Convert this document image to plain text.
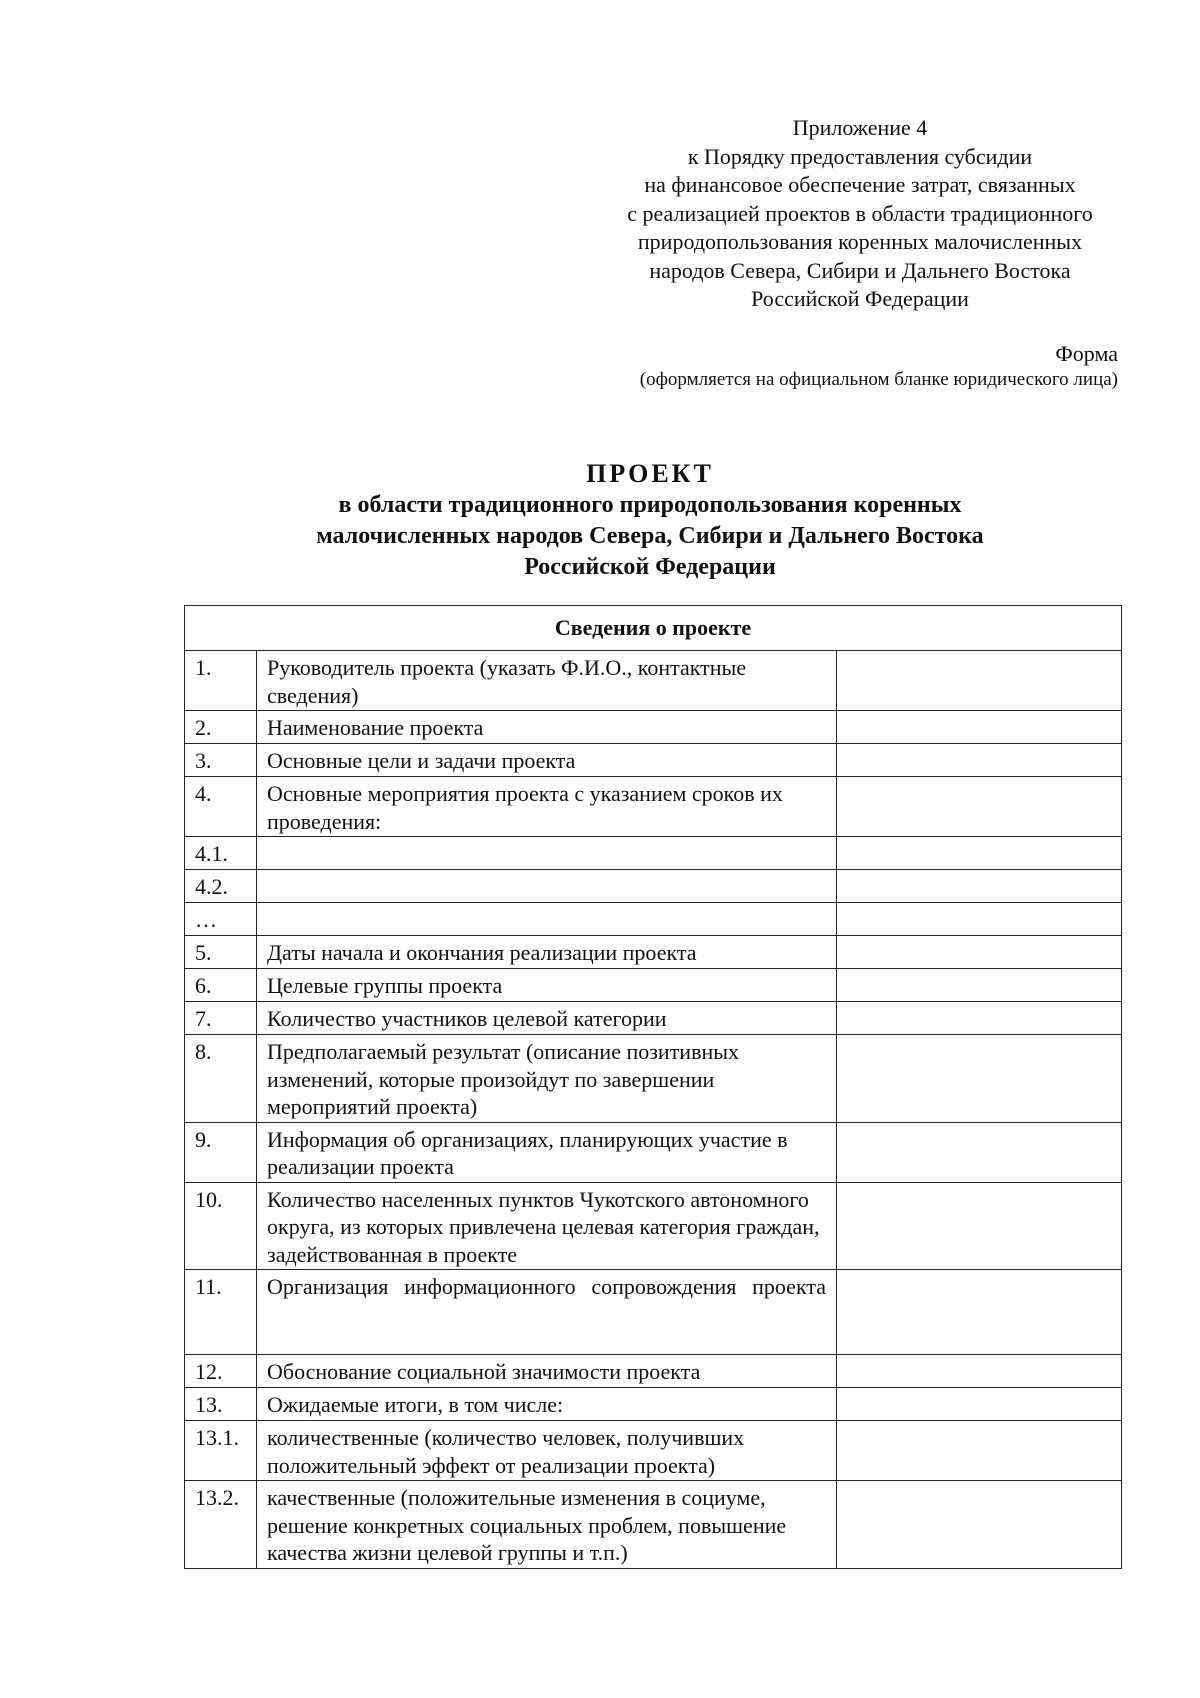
Приложение 4
к Порядку предоставления субсидии
на финансовое обеспечение затрат, связанных
с реализацией проектов в области традиционного
природопользования коренных малочисленных
народов Севера, Сибири и Дальнего Востока
Российской Федерации
Форма
(оформляется на официальном бланке юридического лица)
ПРОЕКТ
в области традиционного природопользования коренных
малочисленных народов Севера, Сибири и Дальнего Востока
Российской Федерации
Сведения о проекте		
1.	Руководитель проекта (указать Ф.И.О., контактные сведения)	
2.	Наименование проекта	
3.	Основные цели и задачи проекта	
4.	Основные мероприятия проекта с указанием сроков их проведения:	
4.1.		
4.2.		
…		
5.	Даты начала и окончания реализации проекта	
6.	Целевые группы проекта	
7.	Количество участников целевой категории	
8.	Предполагаемый результат (описание позитивных изменений, которые произойдут по завершении мероприятий проекта)	
9.	Информация об организациях, планирующих участие в реализации проекта	
10.	Количество населенных пунктов Чукотского автономного округа, из которых привлечена целевая категория граждан, задействованная в проекте	
11.	Организация информационного сопровождения проекта	
12.	Обоснование социальной значимости проекта	
13.	Ожидаемые итоги, в том числе:	
13.1.	количественные (количество человек, получивших положительный эффект от реализации проекта)	
13.2.	качественные (положительные изменения в социуме, решение конкретных социальных проблем, повышение качества жизни целевой группы и т.п.)	
